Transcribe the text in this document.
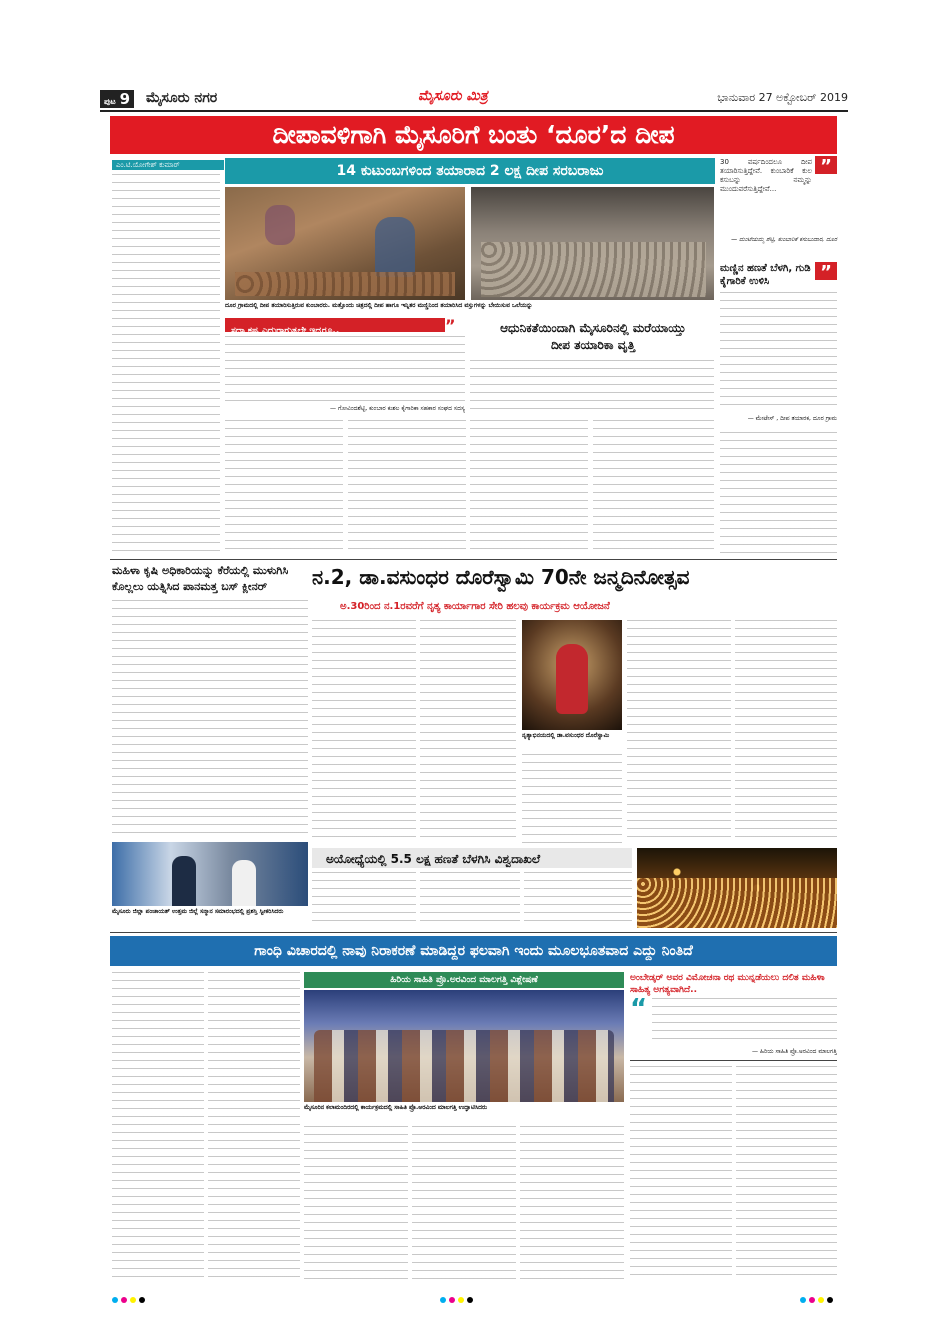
ಪುಟ 9 ಮೈಸೂರು ನಗರ	ಮೈಸೂರು ಮಿತ್ರ	ಭಾನುವಾರ 27 ಅಕ್ಟೋಬರ್ 2019
ದೀಪಾವಳಿಗಾಗಿ ಮೈಸೂರಿಗೆ ಬಂತು ‘ದೂರ’ದ ದೀಪ
14 ಕುಟುಂಬಗಳಿಂದ ತಯಾರಾದ 2 ಲಕ್ಷ ದೀಪ ಸರಬರಾಜು
ಎಂ.ಟಿ.ಯೋಗೇಶ್ ಕುಮಾರ್
ದೂರ ಗ್ರಾಮದಲ್ಲಿ ದೀಪ ತಯಾರಿಸುತ್ತಿರುವ ಕುಂಬಾರರು. ಮತ್ತೊಂದು ಚಿತ್ರದಲ್ಲಿ ದೀಪ ಹಾಗೂ ಇನ್ನಿತರ ಮಣ್ಣಿನಿಂದ ತಯಾರಿಸಿದ ವಸ್ತುಗಳನ್ನು ಬೇಯಿಸುವ ಒಲೆಯನ್ನು
30 ವರ್ಷದಿಂದಲೂ ದೀಪ ತಯಾರಿಸುತ್ತಿದ್ದೇವೆ. ಕುಂಬಾರಿಕೆ ಕುಲ ಕಸುಬನ್ನು ನಮ್ಮನ್ನು ಮುಂದುವರೆಸುತ್ತಿದ್ದೇವೆ...
”
— ಮಂಟೆಯಮ್ಮ ಶೆಟ್ಟಿ, ಕುಂಬಾರಿಕೆ ಕಸುಬುದಾರ, ದೂರ
ಮಣ್ಣಿನ ಹಣತೆ ಬೆಳಗಿ, ಗುಡಿ ಕೈಗಾರಿಕೆ ಉಳಿಸಿ	”
— ಮೇಟೇಸ್ , ದೀಪ ತಯಾರಕ, ದೂರ ಗ್ರಾಮ
ಸದಾ ಕಷ್ಟ ಎದುರಾಗುತ್ತಲೇ ಇದ್ದರೂ..	”
— ಗೋವಿಂದಶೆಟ್ಟಿ, ಕುಂಬಾರ ಕುಶಲ ಕೈಗಾರಿಕಾ ಸಹಕಾರ ಸಂಘದ ಸದಸ್ಯ
ಆಧುನಿಕತೆಯಿಂದಾಗಿ ಮೈಸೂರಿನಲ್ಲಿ ಮರೆಯಾಯ್ತು ದೀಪ ತಯಾರಿಕಾ ವೃತ್ತಿ
ಮಹಿಳಾ ಕೃಷಿ ಅಧಿಕಾರಿಯನ್ನು ಕೆರೆಯಲ್ಲಿ ಮುಳುಗಿಸಿ ಕೊಲ್ಲಲು ಯತ್ನಿಸಿದ ಪಾನಮತ್ತ ಬಸ್ ಕ್ಲೀನರ್
ಮೈಸೂರು ಜಿಲ್ಲಾ ಪಂಚಾಯತ್ ಉತ್ತಮ ಜಿಲ್ಲೆ ಸನ್ಮಾನ ಸಮಾರಂಭದಲ್ಲಿ ಪ್ರಶಸ್ತಿ ಸ್ವೀಕರಿಸಿದರು
ನ.2, ಡಾ.ವಸುಂಧರ ದೊರೆಸ್ವಾಮಿ 70ನೇ ಜನ್ಮದಿನೋತ್ಸವ
ಅ.30ರಿಂದ ನ.1ರವರೆಗೆ ನೃತ್ಯ ಕಾರ್ಯಾಗಾರ ಸೇರಿ ಹಲವು ಕಾರ್ಯಕ್ರಮ ಆಯೋಜನೆ
ನೃತ್ಯಾಭಿನಯದಲ್ಲಿ ಡಾ.ವಸುಂಧರ ದೊರೆಸ್ವಾಮಿ
ಅಯೋಧ್ಯೆಯಲ್ಲಿ 5.5 ಲಕ್ಷ ಹಣತೆ ಬೆಳಗಿಸಿ ವಿಶ್ವದಾಖಲೆ
ಗಾಂಧಿ ವಿಚಾರದಲ್ಲಿ ನಾವು ನಿರಾಕರಣೆ ಮಾಡಿದ್ದರ ಫಲವಾಗಿ ಇಂದು ಮೂಲಭೂತವಾದ ಎದ್ದು ನಿಂತಿದೆ
ಹಿರಿಯ ಸಾಹಿತಿ ಪ್ರೊ.ಅರವಿಂದ ಮಾಲಗತ್ತಿ ವಿಶ್ಲೇಷಣೆ
ಮೈಸೂರಿನ ಕಲಾಮಂದಿರದಲ್ಲಿ ಕಾರ್ಯಕ್ರಮದಲ್ಲಿ ಸಾಹಿತಿ ಪ್ರೊ.ಅರವಿಂದ ಮಾಲಗತ್ತಿ ಉದ್ಘಾಟಿಸಿದರು
ಅಂಬೇಡ್ಕರ್ ಅವರ ವಿಮೋಚನಾ ರಥ ಮುನ್ನಡೆಯಲು ದಲಿತ ಮಹಿಳಾ ಸಾಹಿತ್ಯ ಅಗತ್ಯವಾಗಿದೆ..
“
— ಹಿರಿಯ ಸಾಹಿತಿ ಪ್ರೊ.ಅರವಿಂದ ಮಾಲಗತ್ತಿ
